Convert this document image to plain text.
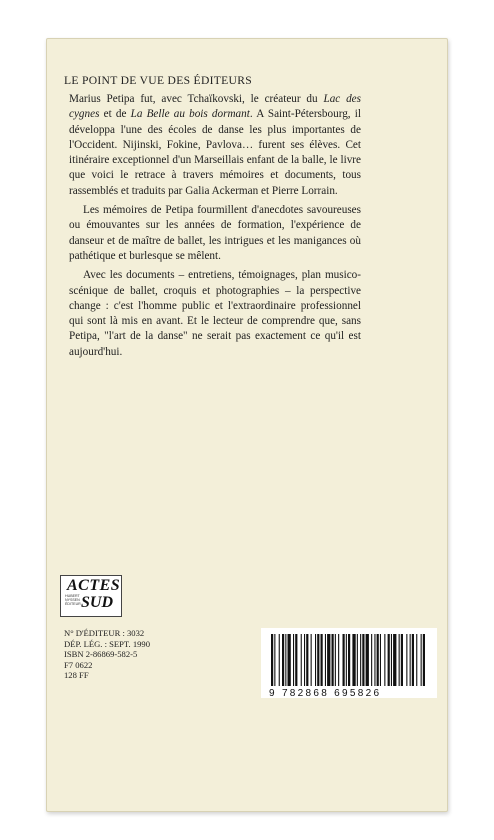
LE POINT DE VUE DES ÉDITEURS

Marius Petipa fut, avec Tchaïkovski, le créateur du Lac des cygnes et de La Belle au bois dormant. A Saint-Pétersbourg, il développa l'une des écoles de danse les plus importantes de l'Occident. Nijinski, Fokine, Pavlova… furent ses élèves. Cet itinéraire exceptionnel d'un Marseillais enfant de la balle, le livre que voici le retrace à travers mémoires et documents, tous rassemblés et traduits par Galia Ackerman et Pierre Lorrain.

Les mémoires de Petipa fourmillent d'anecdotes savoureuses ou émouvantes sur les années de formation, l'expérience de danseur et de maître de ballet, les intrigues et les manigances où pathétique et burlesque se mêlent.

Avec les documents – entretiens, témoignages, plan musico-scénique de ballet, croquis et photographies – la perspective change : c'est l'homme public et l'extraordinaire professionnel qui sont là mis en avant. Et le lecteur de comprendre que, sans Petipa, "l'art de la danse" ne serait pas exactement ce qu'il est aujourd'hui.

ACTES
HUBERT NYSSEN ÉDITEUR SUD
N° D'ÉDITEUR : 3032
DÉP. LÉG. : SEPT. 1990
ISBN 2-86869-582-5
F7 0622
128 FF
9 782868 695826
